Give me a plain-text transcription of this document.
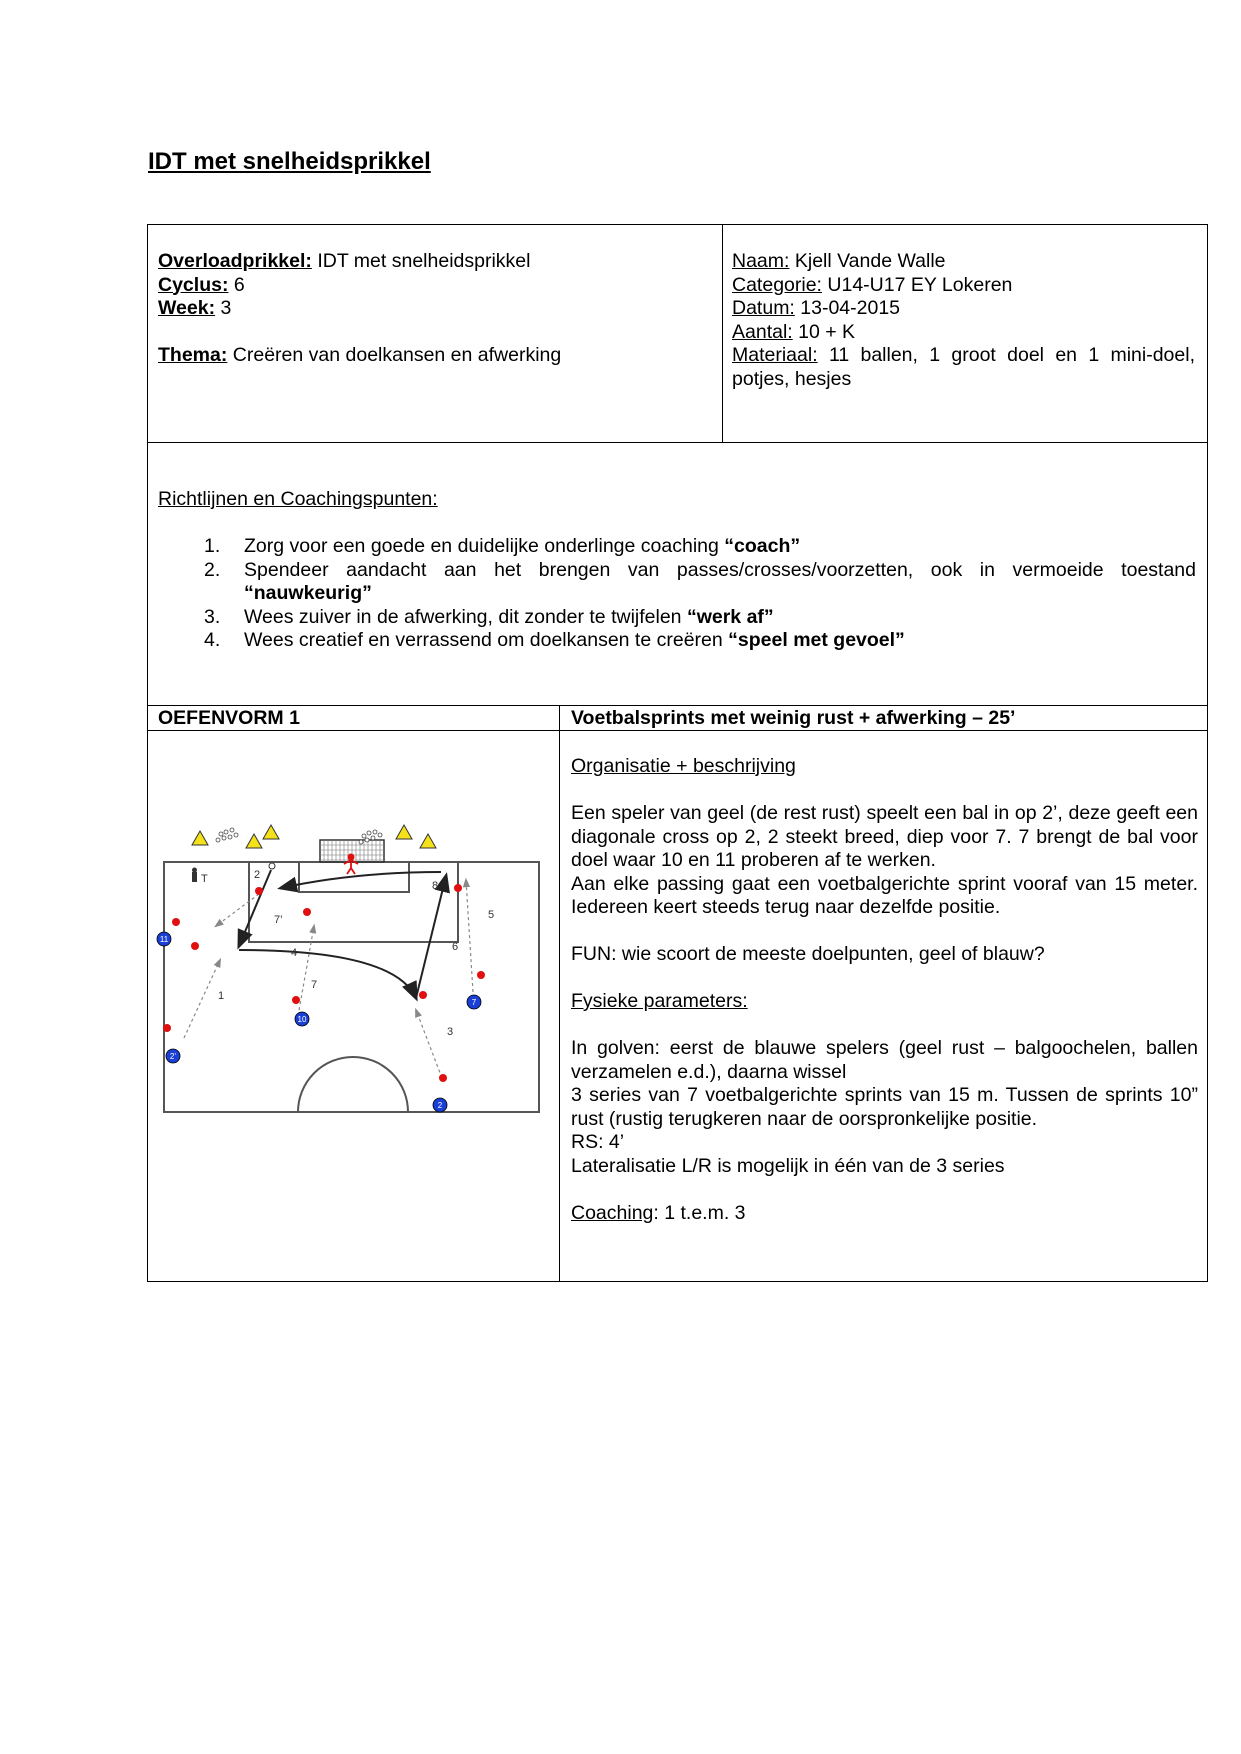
IDT met snelheidsprikkel
Overloadprikkel: IDT met snelheidsprikkel
Cyclus: 6
Week: 3
Thema: Creëren van doelkansen en afwerking
Naam: Kjell Vande Walle
Categorie: U14-U17 EY Lokeren
Datum: 13-04-2015
Aantal: 10 + K
Materiaal: 11 ballen, 1 groot doel en 1 mini-doel, potjes, hesjes
Richtlijnen en Coachingspunten:
1. Zorg voor een goede en duidelijke onderlinge coaching “coach”
2. Spendeer aandacht aan het brengen van passes/crosses/voorzetten, ook in vermoeide toestand “nauwkeurig”
3. Wees zuiver in de afwerking, dit zonder te twijfelen “werk af”
4. Wees creatief en verrassend om doelkansen te creëren “speel met gevoel”
OEFENVORM 1	Voetbalsprints met weinig rust + afwerking – 25’
Organisatie + beschrijving

Een speler van geel (de rest rust) speelt een bal in op 2’, deze geeft een diagonale cross op 2, 2 steekt breed, diep voor 7. 7 brengt de bal voor doel waar 10 en 11 proberen af te werken.

Aan elke passing gaat een voetbalgerichte sprint vooraf van 15 meter. Iedereen keert steeds terug naar dezelfde positie.

FUN: wie scoort de meeste doelpunten, geel of blauw?

Fysieke parameters:

In golven: eerst de blauwe spelers (geel rust – balgoochelen, ballen verzamelen e.d.), daarna wissel

3 series van 7 voetbalgerichte sprints van 15 m. Tussen de sprints 10” rust (rustig terugkeren naar de oorspronkelijke positie.

RS: 4’

Lateralisatie L/R is mogelijk in één van de 3 series

Coaching: 1 t.e.m. 3
11
10
7
2’
2
2
7’
8
5
6
4
7
1
3
T
